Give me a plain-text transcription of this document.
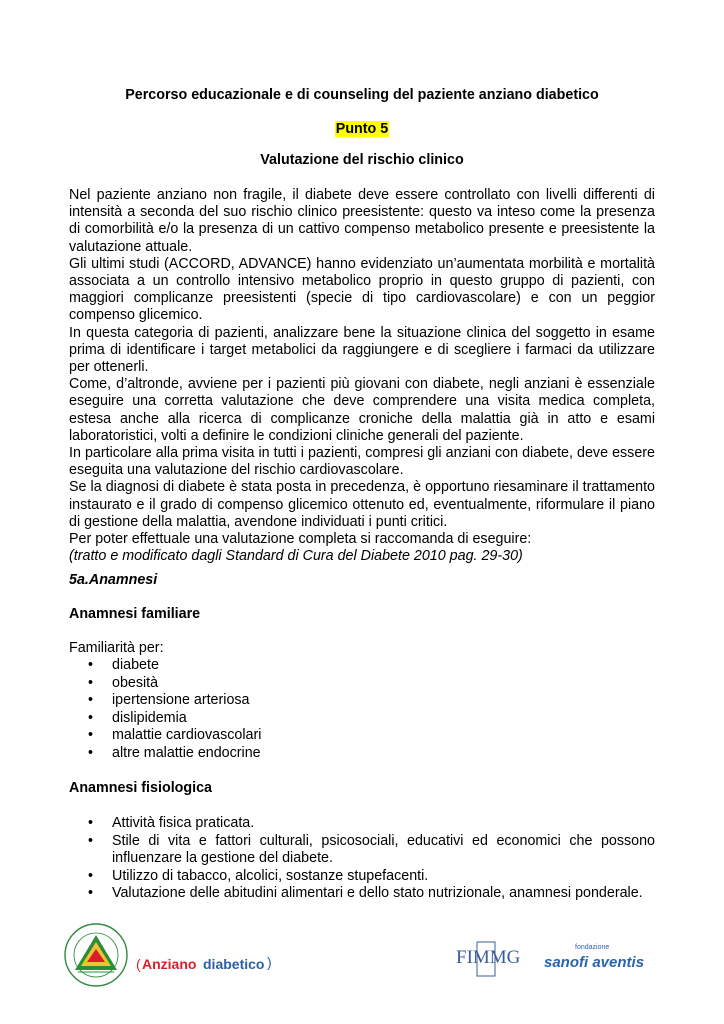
Percorso educazionale e di counseling del paziente anziano diabetico
Punto 5
Valutazione del rischio clinico

Nel paziente anziano non fragile, il diabete deve essere controllato con livelli differenti di intensità a seconda del suo rischio clinico preesistente: questo va inteso come la presenza di comorbilità e/o la presenza di un cattivo compenso metabolico presente e preesistente la valutazione attuale.

Gli ultimi studi (ACCORD, ADVANCE) hanno evidenziato un’aumentata morbilità e mortalità associata a un controllo intensivo metabolico proprio in questo gruppo di pazienti, con maggiori complicanze preesistenti (specie di tipo cardiovascolare) e con un peggior compenso glicemico.

In questa categoria di pazienti, analizzare bene la situazione clinica del soggetto in esame prima di identificare i target metabolici da raggiungere e di scegliere i farmaci da utilizzare per ottenerli.

Come, d’altronde, avviene per i pazienti più giovani con diabete, negli anziani è essenziale eseguire una corretta valutazione che deve comprendere una visita medica completa, estesa anche alla ricerca di complicanze croniche della malattia già in atto e esami laboratoristici, volti a definire le condizioni cliniche generali del paziente.

In particolare alla prima visita in tutti i pazienti, compresi gli anziani con diabete, deve essere eseguita una valutazione del rischio cardiovascolare.

Se la diagnosi di diabete è stata posta in precedenza, è opportuno riesaminare il trattamento instaurato e il grado di compenso glicemico ottenuto ed, eventualmente, riformulare il piano di gestione della malattia, avendone individuati i punti critici.

Per poter effettuale una valutazione completa si raccomanda di eseguire:

(tratto e modificato dagli Standard di Cura del Diabete 2010 pag. 29-30)

5a.Anamnesi
Anamnesi familiare
Familiarità per:
• diabete
• obesità
• ipertensione arteriosa
• dislipidemia
• malattie cardiovascolari
• altre malattie endocrine
Anamnesi fisiologica
• Attività fisica praticata.
• Stile di vita e fattori culturali, psicosociali, educativi ed economici che possono influenzare la gestione del diabete.
• Utilizzo di tabacco, alcolici, sostanze stupefacenti.
• Valutazione delle abitudini alimentari e dello stato nutrizionale, anamnesi ponderale.
( Anziano diabetico )	FIMMG	fondazione
sanofi aventis
